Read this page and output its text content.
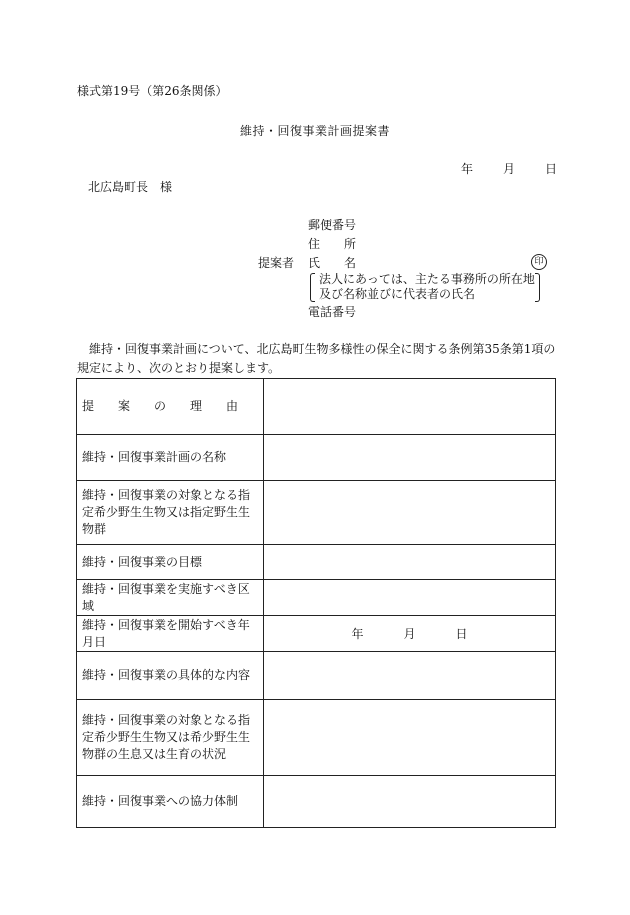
様式第19号（第26条関係）
維持・回復事業計画提案書
年	月	日
北広島町長　様
提案者
郵便番号
住　　所
氏　　名	印
法人にあっては、主たる事務所の所在地
及び名称並びに代表者の氏名
電話番号
維持・回復事業計画について、北広島町生物多様性の保全に関する条例第35条第1項の規定により、次のとおり提案します。
提　　案　　の　　理　　由	
維持・回復事業計画の名称	
維持・回復事業の対象となる指定希少野生生物又は指定野生生物群	
維持・回復事業の目標	
維持・回復事業を実施すべき区域	
維持・回復事業を開始すべき年月日	年 月 日
維持・回復事業の具体的な内容	
維持・回復事業の対象となる指定希少野生生物又は希少野生生物群の生息又は生育の状況	
維持・回復事業への協力体制	
